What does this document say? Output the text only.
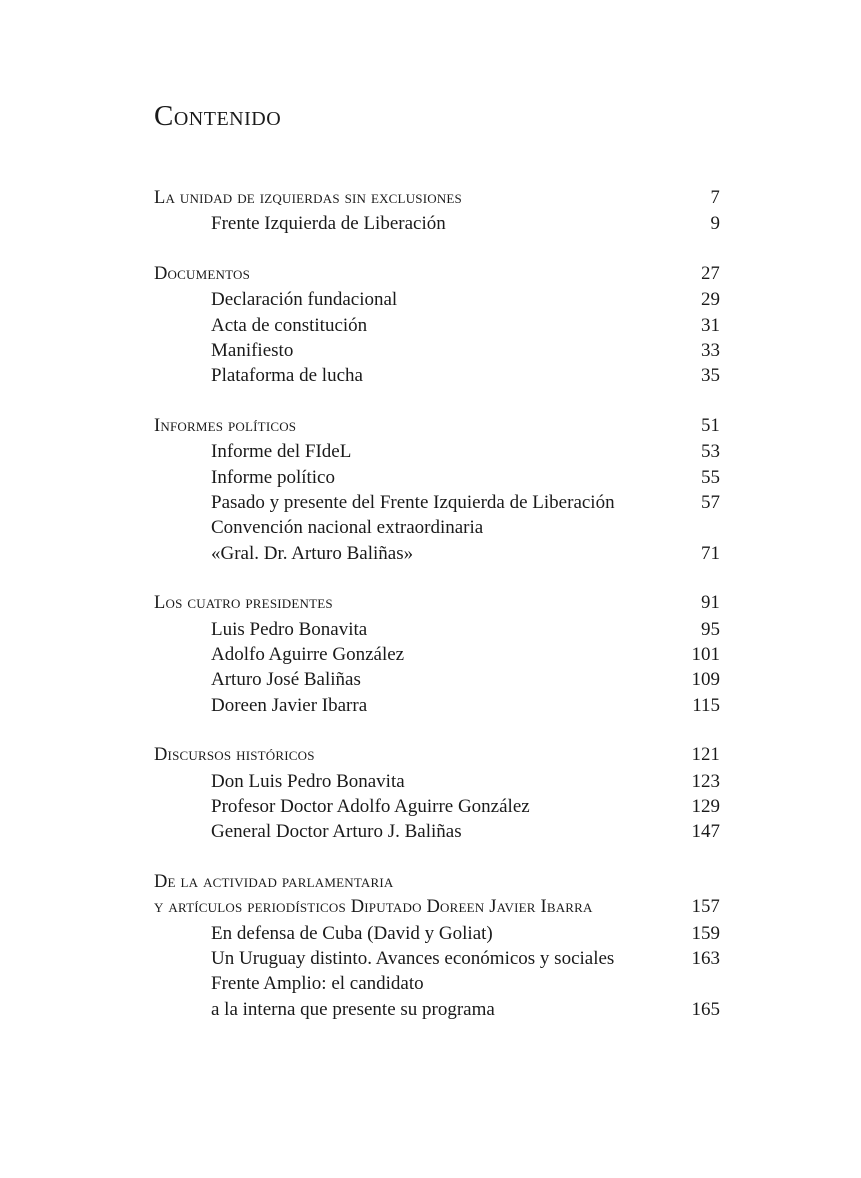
Contenido
La unidad de izquierdas sin exclusiones	7
Frente Izquierda de Liberación	9
Documentos	27
Declaración fundacional	29
Acta de constitución	31
Manifiesto	33
Plataforma de lucha	35
Informes políticos	51
Informe del FIdeL	53
Informe político	55
Pasado y presente del Frente Izquierda de Liberación	57
Convención nacional extraordinaria
«Gral. Dr. Arturo Baliñas»	71
Los cuatro presidentes	91
Luis Pedro Bonavita	95
Adolfo Aguirre González	101
Arturo José Baliñas	109
Doreen Javier Ibarra	115
Discursos históricos	121
Don Luis Pedro Bonavita	123
Profesor Doctor Adolfo Aguirre González	129
General Doctor Arturo J. Baliñas	147
De la actividad parlamentaria
y artículos periodísticos Diputado Doreen Javier Ibarra	157
En defensa de Cuba (David y Goliat)	159
Un Uruguay distinto. Avances económicos y sociales	163
Frente Amplio: el candidato
a la interna que presente su programa	165
